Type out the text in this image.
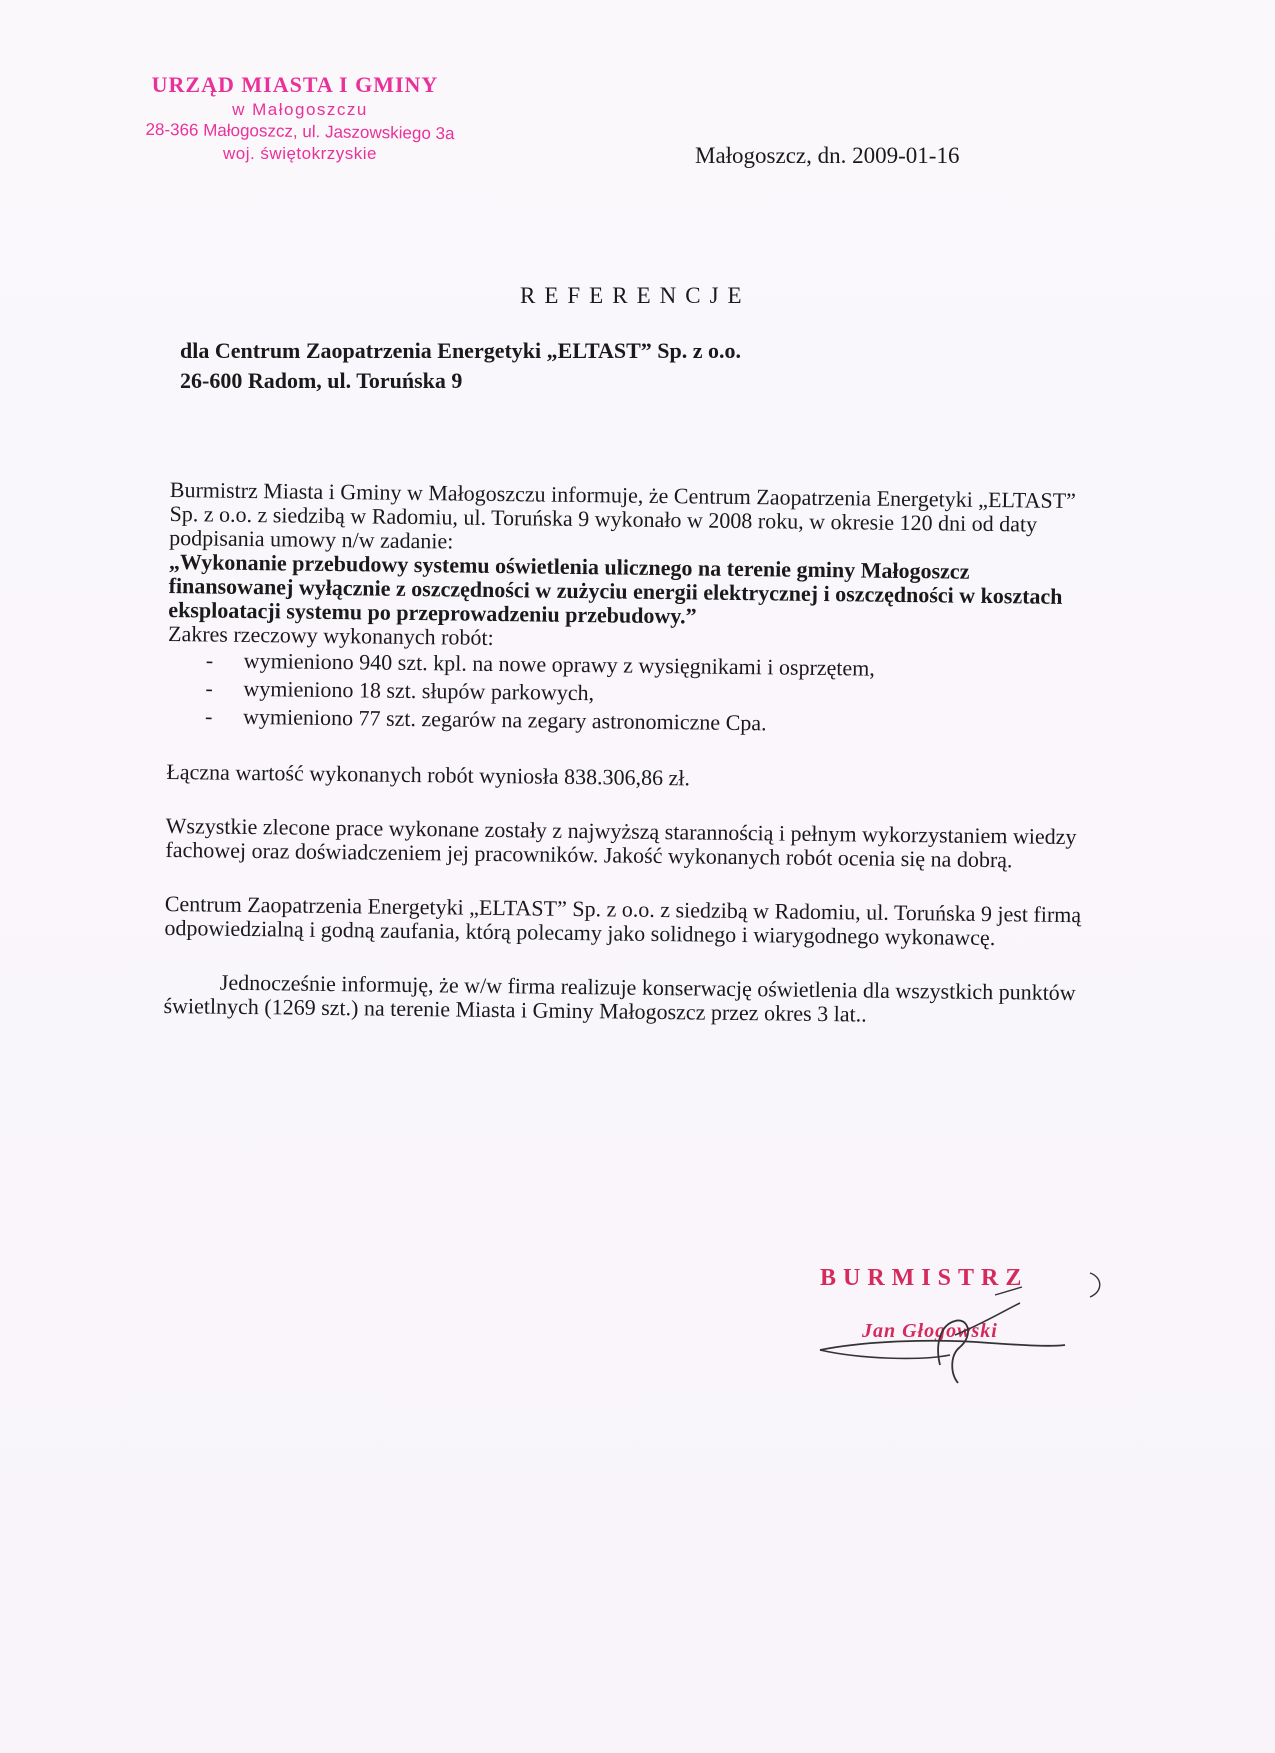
URZĄD MIASTA I GMINY
w Małogoszczu
28-366 Małogoszcz, ul. Jaszowskiego 3a
woj. świętokrzyskie	Małogoszcz, dn. 2009-01-16
REFERENCJE
dla Centrum Zaopatrzenia Energetyki „ELTAST” Sp. z o.o.
26-600 Radom, ul. Toruńska 9

Burmistrz Miasta i Gminy w Małogoszczu informuje, że Centrum Zaopatrzenia Energetyki „ELTAST” Sp. z o.o. z siedzibą w Radomiu, ul. Toruńska 9 wykonało w 2008 roku, w okresie 120 dni od daty podpisania umowy n/w zadanie:

„Wykonanie przebudowy systemu oświetlenia ulicznego na terenie gminy Małogoszcz finansowanej wyłącznie z oszczędności w zużyciu energii elektrycznej i oszczędności w kosztach eksploatacji systemu po przeprowadzeniu przebudowy.”

Zakres rzeczowy wykonanych robót:

- wymieniono 940 szt. kpl. na nowe oprawy z wysięgnikami i osprzętem,
- wymieniono 18 szt. słupów parkowych,
- wymieniono 77 szt. zegarów na zegary astronomiczne Cpa.

Łączna wartość wykonanych robót wyniosła 838.306,86 zł.

Wszystkie zlecone prace wykonane zostały z najwyższą starannością i pełnym wykorzystaniem wiedzy fachowej oraz doświadczeniem jej pracowników. Jakość wykonanych robót ocenia się na dobrą.

Centrum Zaopatrzenia Energetyki „ELTAST” Sp. z o.o. z siedzibą w Radomiu, ul. Toruńska 9 jest firmą odpowiedzialną i godną zaufania, którą polecamy jako solidnego i wiarygodnego wykonawcę.

Jednocześnie informuję, że w/w firma realizuje konserwację oświetlenia dla wszystkich punktów świetlnych (1269 szt.) na terenie Miasta i Gminy Małogoszcz przez okres 3 lat..

BURMISTRZ
Jan Głogowski
